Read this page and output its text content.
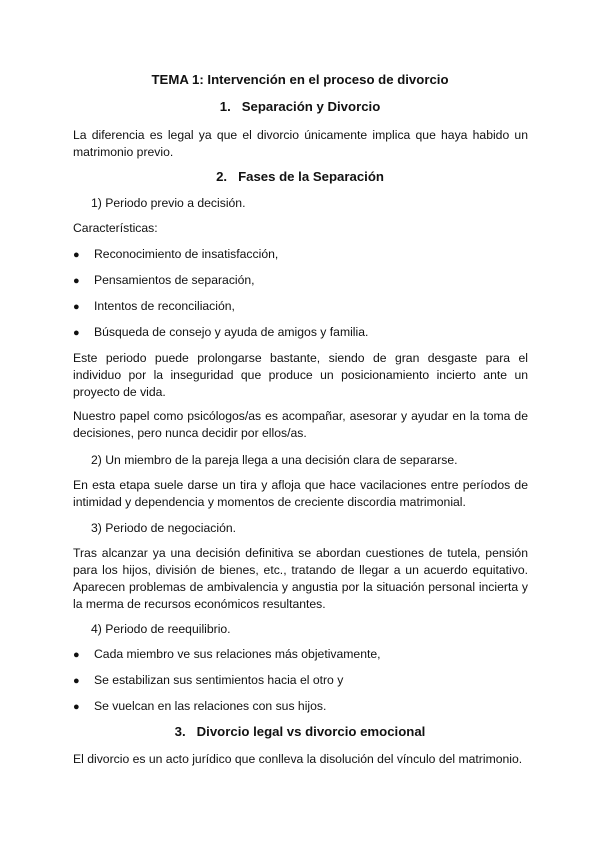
TEMA 1: Intervención en el proceso de divorcio
1. Separación y Divorcio

La diferencia es legal ya que el divorcio únicamente implica que haya habido un matrimonio previo.

2. Fases de la Separación
1) Periodo previo a decisión.
Características:
● Reconocimiento de insatisfacción,
● Pensamientos de separación,
● Intentos de reconciliación,
● Búsqueda de consejo y ayuda de amigos y familia.

Este periodo puede prolongarse bastante, siendo de gran desgaste para el individuo por la inseguridad que produce un posicionamiento incierto ante un proyecto de vida.

Nuestro papel como psicólogos/as es acompañar, asesorar y ayudar en la toma de decisiones, pero nunca decidir por ellos/as.

2) Un miembro de la pareja llega a una decisión clara de separarse.

En esta etapa suele darse un tira y afloja que hace vacilaciones entre períodos de intimidad y dependencia y momentos de creciente discordia matrimonial.

3) Periodo de negociación.

Tras alcanzar ya una decisión definitiva se abordan cuestiones de tutela, pensión para los hijos, división de bienes, etc., tratando de llegar a un acuerdo equitativo. Aparecen problemas de ambivalencia y angustia por la situación personal incierta y la merma de recursos económicos resultantes.

4) Periodo de reequilibrio.
● Cada miembro ve sus relaciones más objetivamente,
● Se estabilizan sus sentimientos hacia el otro y
● Se vuelcan en las relaciones con sus hijos.
3. Divorcio legal vs divorcio emocional

El divorcio es un acto jurídico que conlleva la disolución del vínculo del matrimonio.
